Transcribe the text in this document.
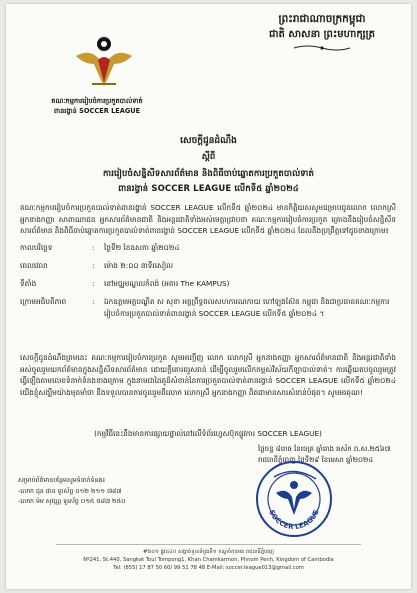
ព្រះរាជាណាចក្រកម្ពុជា
ជាតិ សាសនា ព្រះមហាក្សត្រ
គណៈកម្មការរៀបចំការប្រកួតបាល់ទាត់
ពានរង្វាន់ SOCCER LEAGUE
សេចក្តីជូនដំណឹង
ស្តីពី
ការរៀបចំសន្និសីទសារព័ត៌មាន និងពិធីចាប់ឆ្នោតការប្រកួតបាល់ទាត់
ពានរង្វាន់ SOCCER LEAGUE លើកទី៥ ឆ្នាំ២០២៤
គណៈកម្មការរៀបចំការប្រកួតបាល់ទាត់ពានរង្វាន់ SOCCER LEAGUE លើកទី៥ ឆ្នាំ២០២៤ មានកិត្តិយសសូមជម្រាបជូនលោក លោកស្រី អ្នកនាងកញ្ញា សាពាណាជន អ្នកសារព័ត៌មានជាតិ និងអន្តរជាតិទាំងអស់មេត្តាជ្រាបថា គណៈកម្មការរៀបចំការប្រកួត គ្រោងនឹងរៀបចំសន្និសីទសារព័ត៌មាន និងពិធីចាប់ឆ្នោតការប្រកួតបាល់ទាត់ពានរង្វាន់ SOCCER LEAGUE លើកទី៥ ឆ្នាំ២០២៤ ដែលនឹងប្រព្រឹត្តទៅដូចខាងក្រោម៖
កាលបរិច្ឆេទ	: ថ្ងៃទី២ ខែឧសភា ឆ្នាំ២០២៤
ពេលវេលា	: ម៉ោង ២:០០ នាទីរសៀល
ទីតាំង	: នៅមជ្ឈមណ្ឌលកំពង់ (អគារ The KAMPUS)
ក្រោមអធិបតីភាព	: ឯកឧត្តមអគ្គបណ្ឌិត ស សុខា អគ្គព្រឹទ្ធពលសហការណកាយ ហៅឡុងស៊ែន កម្ពុជា និងជាប្រធានគណៈកម្មការរៀបចំការប្រកួតបាល់ទាត់ពានរង្វាន់ SOCCER LEAGUE លើកទី៥ ឆ្នាំ២០២៤ ។
សេចក្តីជូនដំណឹងព្រមនេះ គណៈកម្មការរៀបចំការប្រកួត សូមអញ្ជើញ លោក លោកស្រី អ្នកនាងកញ្ញា អ្នកសារព័ត៌មានជាតិ និងអន្តរជាតិទាំងអស់ចូលរួមយកព័ត៌មានក្នុងសន្និសីទសារព័ត៌មាន ដោយក្តីគោរពរួសរាន់ ដើម្បីចូលរួមលើកកម្ពស់វិស័យកីឡាបាល់ទាត់។ ការឆ្លើយតបចូលរួមត្រូវធ្វើឡើងតាមលេខទំនាក់ទំនងខាងក្រោម ក្នុងនាមជាដៃគូដ៏សំខាន់នៃការប្រកួតបាល់ទាត់ពានរង្វាន់ SOCCER LEAGUE លើកទី៥ ឆ្នាំ២០២៤ យើងខ្ញុំសង្ឃឹមយ៉ាងមុតមាំថា នឹងទទួលបានការចូលរួមពីលោក លោកស្រី អ្នកនាងកញ្ញា ពិតជាមានសារសំខាន់បំផុត។ សូមអរគុណ!
(កម្មវិធីនេះនឹងមានការផ្សាយផ្ទាល់នៅលើទំព័រហ្វេសប៊ុកផ្លូវការ SOCCER LEAGUE)
ថ្ងៃចន្ទ ៨រោច ខែចេត្រ ឆ្នាំរោង ឆស័ក ព.ស.២៥៦៧
រាជធានីភ្នំពេញ ថ្ងៃទី២៩ ខែមេសា ឆ្នាំ២០២៤
SOCCER LEAGUE
សម្រាប់ព័ត៌មានបន្ថែមសូមទំនាក់ទំនង៖
-លោក ជុន ផាន ទូរស័ព្ទ ០១២ ២១១ ៧៨៧
-លោក ម៉ម សុវណ្ណ ទូរស័ព្ទ ០១៥ ៥៨៧ ២៥០
#២៤១ ផ្លូវ៤៤០ សង្កាត់ទួលទំពូងទី១ ខណ្ឌចំការមន រាជធានីភ្នំពេញ
Nº241, St.440, Sangkat Toul Tompong1, Khan Chamkarmon, Phnom Penh, Kingdom of Cambodia
Tel: (855) 17 87 50 60/ 99 51 78 48 E-Mail: soccer.league013@gmail.com
